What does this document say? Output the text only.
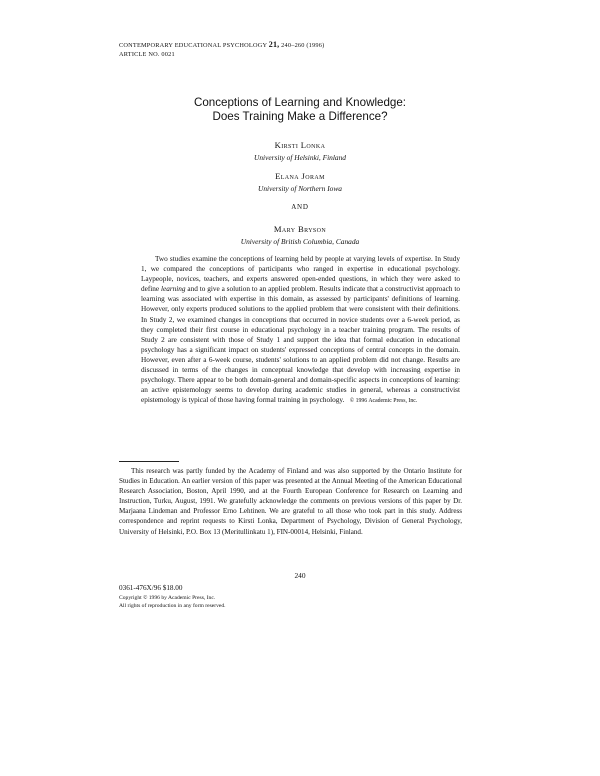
CONTEMPORARY EDUCATIONAL PSYCHOLOGY 21, 240–260 (1996)
ARTICLE NO. 0021
Conceptions of Learning and Knowledge:
Does Training Make a Difference?
Kirsti Lonka
University of Helsinki, Finland
Elana Joram
University of Northern Iowa
AND
Mary Bryson
University of British Columbia, Canada
Two studies examine the conceptions of learning held by people at varying levels of expertise. In Study 1, we compared the conceptions of participants who ranged in expertise in educational psychology. Laypeople, novices, teachers, and experts answered open-ended questions, in which they were asked to define learning and to give a solution to an applied problem. Results indicate that a constructivist approach to learning was associated with expertise in this domain, as assessed by participants' definitions of learning. However, only experts produced solutions to the applied problem that were consistent with their definitions. In Study 2, we examined changes in conceptions that occurred in novice students over a 6-week period, as they completed their first course in educational psychology in a teacher training program. The results of Study 2 are consistent with those of Study 1 and support the idea that formal education in educational psychology has a significant impact on students' expressed conceptions of central concepts in the domain. However, even after a 6-week course, students' solutions to an applied problem did not change. Results are discussed in terms of the changes in conceptual knowledge that develop with increasing expertise in psychology. There appear to be both domain-general and domain-specific aspects in conceptions of learning: an active epistemology seems to develop during academic studies in general, whereas a constructivist epistemology is typical of those having formal training in psychology. © 1996 Academic Press, Inc.
This research was partly funded by the Academy of Finland and was also supported by the Ontario Institute for Studies in Education. An earlier version of this paper was presented at the Annual Meeting of the American Educational Research Association, Boston, April 1990, and at the Fourth European Conference for Research on Learning and Instruction, Turku, August, 1991. We gratefully acknowledge the comments on previous versions of this paper by Dr. Marjaana Lindeman and Professor Erno Lehtinen. We are grateful to all those who took part in this study. Address correspondence and reprint requests to Kirsti Lonka, Department of Psychology, Division of General Psychology, University of Helsinki, P.O. Box 13 (Meritullinkatu 1), FIN-00014, Helsinki, Finland.
240
0361-476X/96 $18.00
Copyright © 1996 by Academic Press, Inc.
All rights of reproduction in any form reserved.
